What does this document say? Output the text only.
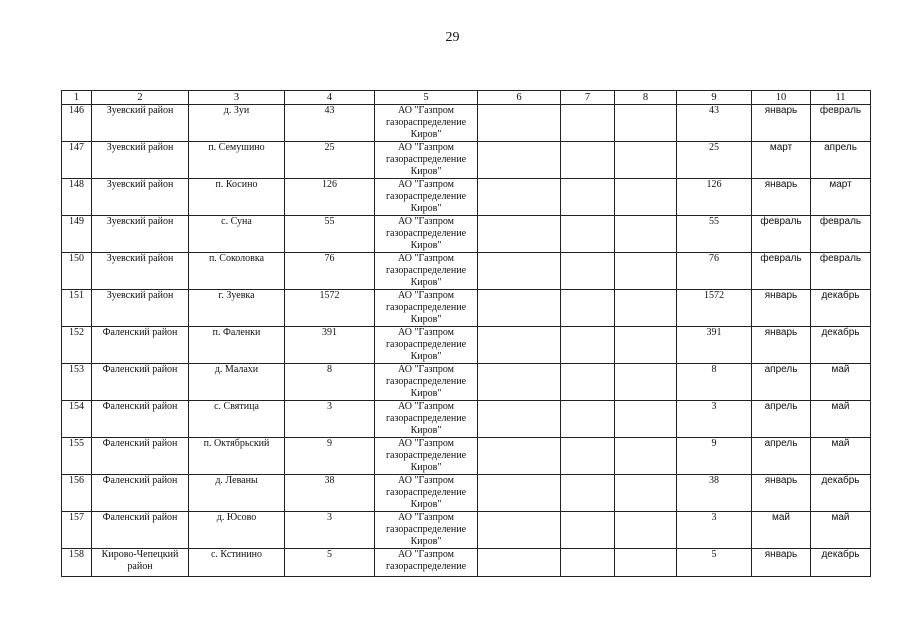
29
1	2	3	4	5	6	7	8	9	10	11
146	Зуевский район	д. Зуи	43	АО "Газпром газораспределение Киров"				43	январь	февраль
147	Зуевский район	п. Семушино	25	АО "Газпром газораспределение Киров"				25	март	апрель
148	Зуевский район	п. Косино	126	АО "Газпром газораспределение Киров"				126	январь	март
149	Зуевский район	с. Суна	55	АО "Газпром газораспределение Киров"				55	февраль	февраль
150	Зуевский район	п. Соколовка	76	АО "Газпром газораспределение Киров"				76	февраль	февраль
151	Зуевский район	г. Зуевка	1572	АО "Газпром газораспределение Киров"				1572	январь	декабрь
152	Фаленский район	п. Фаленки	391	АО "Газпром газораспределение Киров"				391	январь	декабрь
153	Фаленский район	д. Малахи	8	АО "Газпром газораспределение Киров"				8	апрель	май
154	Фаленский район	с. Святица	3	АО "Газпром газораспределение Киров"				3	апрель	май
155	Фаленский район	п. Октябрьский	9	АО "Газпром газораспределение Киров"				9	апрель	май
156	Фаленский район	д. Леваны	38	АО "Газпром газораспределение Киров"				38	январь	декабрь
157	Фаленский район	д. Юсово	3	АО "Газпром газораспределение Киров"				3	май	май
158	Кирово-Чепецкий район	с. Кстинино	5	АО "Газпром газораспределение				5	январь	декабрь
